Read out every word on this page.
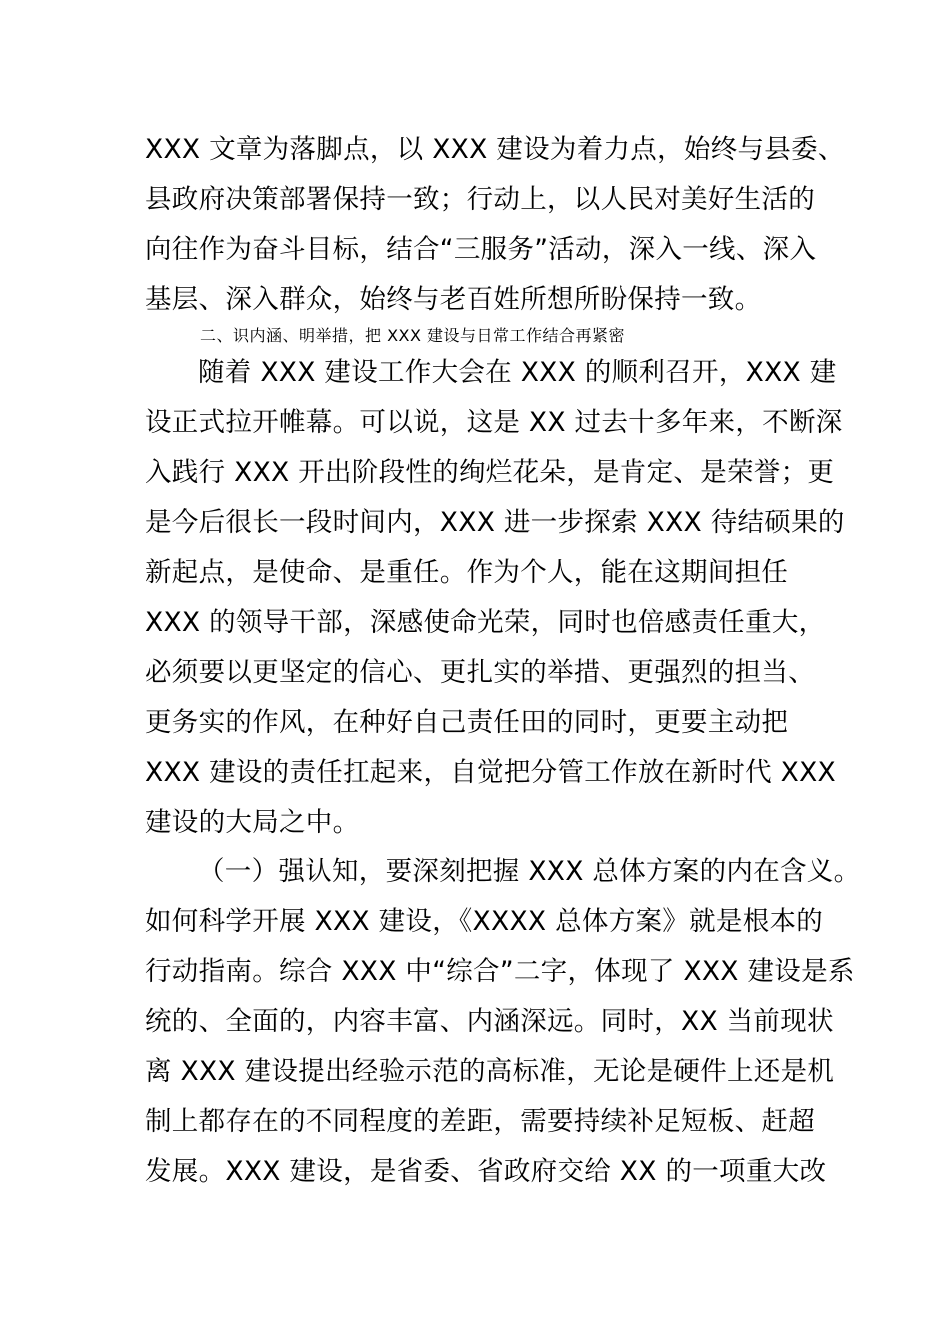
XXX 文章为落脚点，以 XXX 建设为着力点，始终与县委、
县政府决策部署保持一致；行动上，以人民对美好生活的
向往作为奋斗目标，结合“三服务”活动，深入一线、深入
基层、深入群众，始终与老百姓所想所盼保持一致。
二、识内涵、明举措，把 XXX 建设与日常工作结合再紧密
随着 XXX 建设工作大会在 XXX 的顺利召开，XXX 建
设正式拉开帷幕。可以说，这是 XX 过去十多年来，不断深
入践行 XXX 开出阶段性的绚烂花朵，是肯定、是荣誉；更
是今后很长一段时间内，XXX 进一步探索 XXX 待结硕果的
新起点，是使命、是重任。作为个人，能在这期间担任
XXX 的领导干部，深感使命光荣，同时也倍感责任重大，
必须要以更坚定的信心、更扎实的举措、更强烈的担当、
更务实的作风，在种好自己责任田的同时，更要主动把
XXX 建设的责任扛起来，自觉把分管工作放在新时代 XXX
建设的大局之中。
（一）强认知，要深刻把握 XXX 总体方案的内在含义。
如何科学开展 XXX 建设，《XXXX 总体方案》就是根本的
行动指南。综合 XXX 中“综合”二字，体现了 XXX 建设是系
统的、全面的，内容丰富、内涵深远。同时，XX 当前现状
离 XXX 建设提出经验示范的高标准，无论是硬件上还是机
制上都存在的不同程度的差距，需要持续补足短板、赶超
发展。XXX 建设，是省委、省政府交给 XX 的一项重大改
